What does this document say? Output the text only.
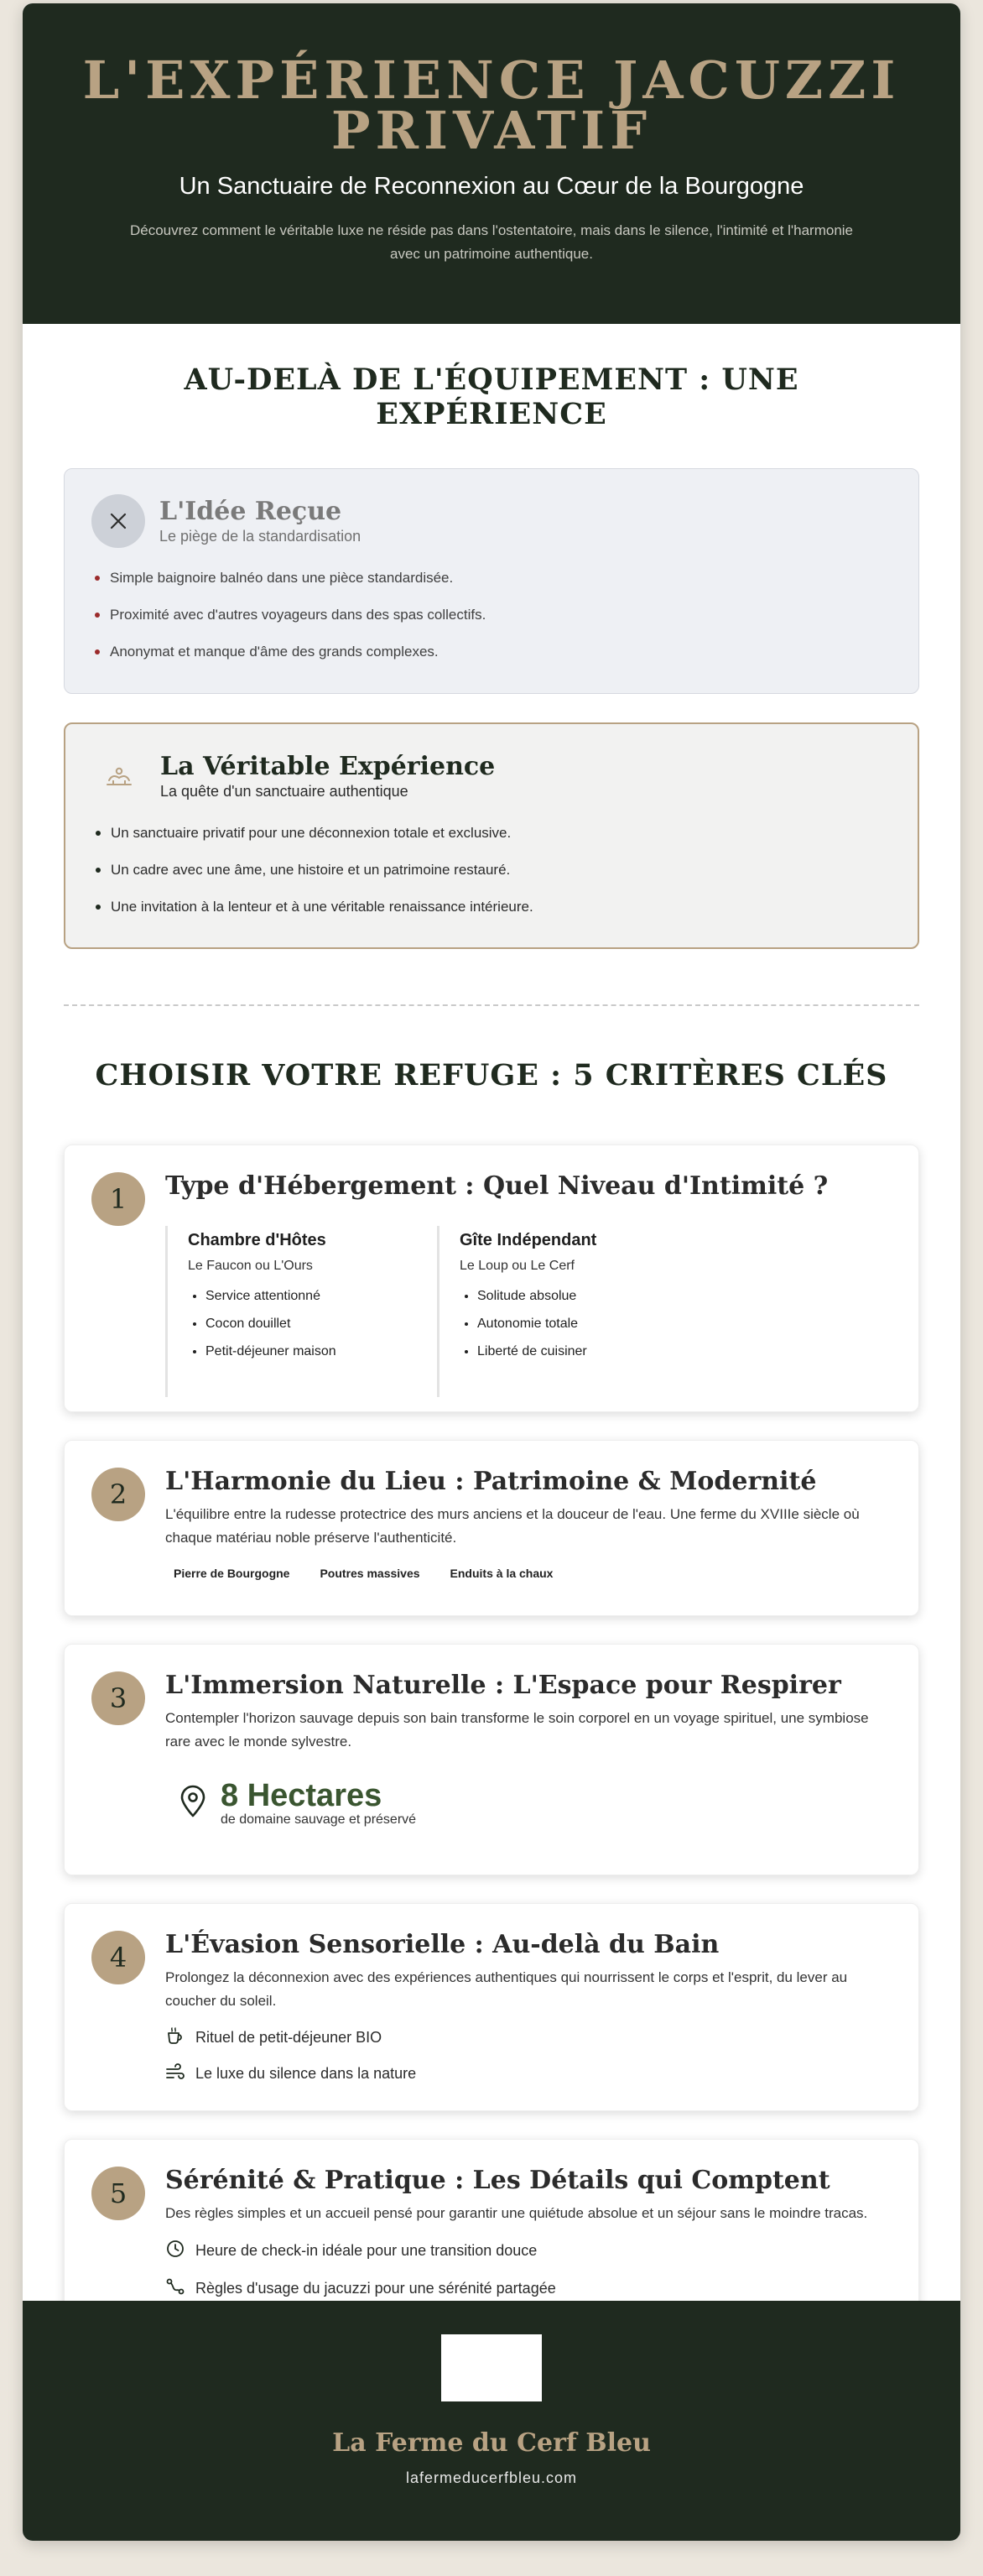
L'EXPÉRIENCE JACUZZI PRIVATIF

Un Sanctuaire de Reconnexion au Cœur de la Bourgogne

Découvrez comment le véritable luxe ne réside pas dans l'ostentatoire, mais dans le silence, l'intimité et l'harmonie avec un patrimoine authentique.

AU-DELÀ DE L'ÉQUIPEMENT : UNE EXPÉRIENCE
L'Idée Reçue
Le piège de la standardisation
Simple baignoire balnéo dans une pièce standardisée.
Proximité avec d'autres voyageurs dans des spas collectifs.
Anonymat et manque d'âme des grands complexes.
La Véritable Expérience
La quête d'un sanctuaire authentique
Un sanctuaire privatif pour une déconnexion totale et exclusive.
Un cadre avec une âme, une histoire et un patrimoine restauré.
Une invitation à la lenteur et à une véritable renaissance intérieure.
CHOISIR VOTRE REFUGE : 5 CRITÈRES CLÉS
1	Type d'Hébergement : Quel Niveau d'Intimité ?
Chambre d'Hôtes
Le Faucon ou L'Ours
• Service attentionné
• Cocon douillet
• Petit-déjeuner maison
Gîte Indépendant
Le Loup ou Le Cerf
• Solitude absolue
• Autonomie totale
• Liberté de cuisiner
2	L'Harmonie du Lieu : Patrimoine & Modernité

L'équilibre entre la rudesse protectrice des murs anciens et la douceur de l'eau. Une ferme du XVIIIe siècle où chaque matériau noble préserve l'authenticité.

Pierre de Bourgogne	Poutres massives	Enduits à la chaux
3	L'Immersion Naturelle : L'Espace pour Respirer

Contempler l'horizon sauvage depuis son bain transforme le soin corporel en un voyage spirituel, une symbiose rare avec le monde sylvestre.

8 Hectares
de domaine sauvage et préservé
4	L'Évasion Sensorielle : Au-delà du Bain

Prolongez la déconnexion avec des expériences authentiques qui nourrissent le corps et l'esprit, du lever au coucher du soleil.

Rituel de petit-déjeuner BIO
Le luxe du silence dans la nature
5	Sérénité & Pratique : Les Détails qui Comptent

Des règles simples et un accueil pensé pour garantir une quiétude absolue et un séjour sans le moindre tracas.

Heure de check-in idéale pour une transition douce
Règles d'usage du jacuzzi pour une sérénité partagée
La Ferme du Cerf Bleu
lafermeducerfbleu.com
